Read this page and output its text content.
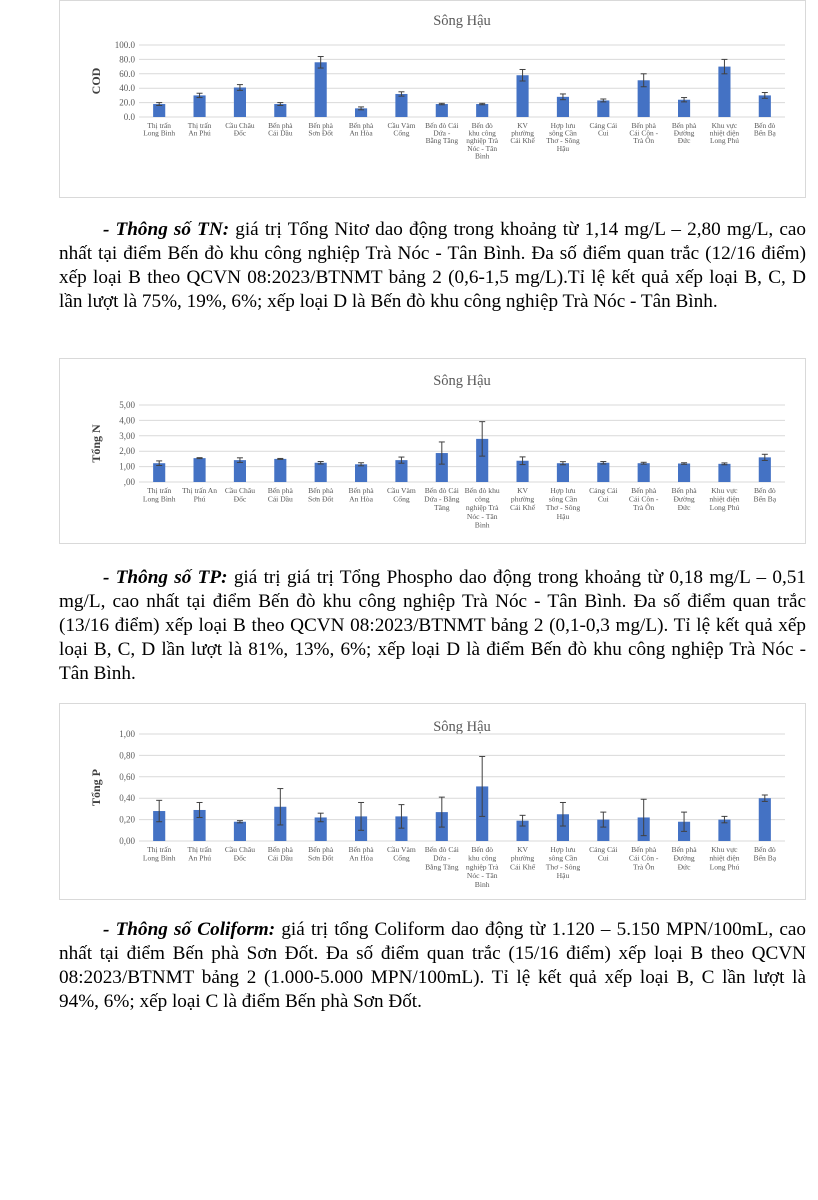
Sông Hậu
0.0
20.0
40.0
60.0
80.0
100.0
COD
Thị trấn Long Bình
Thị trấn An Phú
Cầu Châu Đốc
Bến phà Cái Dầu
Bến phà Sơn Đốt
Bến phà An Hòa
Cầu Vàm Cống
Bến đò Cái Dứa -Bằng Tăng
Bến đò khu công nghiệp Trà Nóc - Tân Bình
KV phường Cái Khế
Hợp lưu sông Cần Thơ - Sông Hậu
Cảng Cái Cui
Bến phà Cái Côn -Trà Ôn
Bến phà Đường Đức
Khu vực nhiệt điện Long Phú
Bến đò Bến Bạ

- Thông số TN: giá trị Tổng Nitơ dao động trong khoảng từ 1,14 mg/L – 2,80 mg/L, cao nhất tại điểm Bến đò khu công nghiệp Trà Nóc - Tân Bình. Đa số điểm quan trắc (12/16 điểm) xếp loại B theo QCVN 08:2023/BTNMT bảng 2 (0,6-1,5 mg/L).Tỉ lệ kết quả xếp loại B, C, D lần lượt là 75%, 19%, 6%; xếp loại D là Bến đò khu công nghiệp Trà Nóc - Tân Bình.

Sông Hậu
,00
1,00
2,00
3,00
4,00
5,00
Tổng N
Thị trấn Long Bình
Thị trấn An Phú
Cầu Châu Đốc
Bến phà Cái Dầu
Bến phà Sơn Đốt
Bến phà An Hòa
Cầu Vàm Cống
Bến đò Cái Dứa - Bằng Tăng
Bến đò khu công nghiệp Trà Nóc - Tân Bình
KV phường Cái Khế
Hợp lưu sông Cần Thơ - Sông Hậu
Cảng Cái Cui
Bến phà Cái Côn -Trà Ôn
Bến phà Đường Đức
Khu vực nhiệt điện Long Phú
Bến đò Bến Bạ

- Thông số TP: giá trị giá trị Tổng Phospho dao động trong khoảng từ 0,18 mg/L – 0,51 mg/L, cao nhất tại điểm Bến đò khu công nghiệp Trà Nóc - Tân Bình. Đa số điểm quan trắc (13/16 điểm) xếp loại B theo QCVN 08:2023/BTNMT bảng 2 (0,1-0,3 mg/L). Tỉ lệ kết quả xếp loại B, C, D lần lượt là 81%, 13%, 6%; xếp loại D là điểm Bến đò khu công nghiệp Trà Nóc - Tân Bình.

Sông Hậu
0,00
0,20
0,40
0,60
0,80
1,00
Tổng P
Thị trấn Long Bình
Thị trấn An Phú
Cầu Châu Đốc
Bến phà Cái Dầu
Bến phà Sơn Đốt
Bến phà An Hòa
Cầu Vàm Cống
Bến đò Cái Dứa -Bằng Tăng
Bến đò khu công nghiệp Trà Nóc - Tân Bình
KV phường Cái Khế
Hợp lưu sông Cần Thơ - Sông Hậu
Cảng Cái Cui
Bến phà Cái Côn -Trà Ôn
Bến phà Đường Đức
Khu vực nhiệt điện Long Phú
Bến đò Bến Bạ

- Thông số Coliform: giá trị tổng Coliform dao động từ 1.120 – 5.150 MPN/100mL, cao nhất tại điểm Bến phà Sơn Đốt. Đa số điểm quan trắc (15/16 điểm) xếp loại B theo QCVN 08:2023/BTNMT bảng 2 (1.000-5.000 MPN/100mL). Tỉ lệ kết quả xếp loại B, C lần lượt là 94%, 6%; xếp loại C là điểm Bến phà Sơn Đốt.
